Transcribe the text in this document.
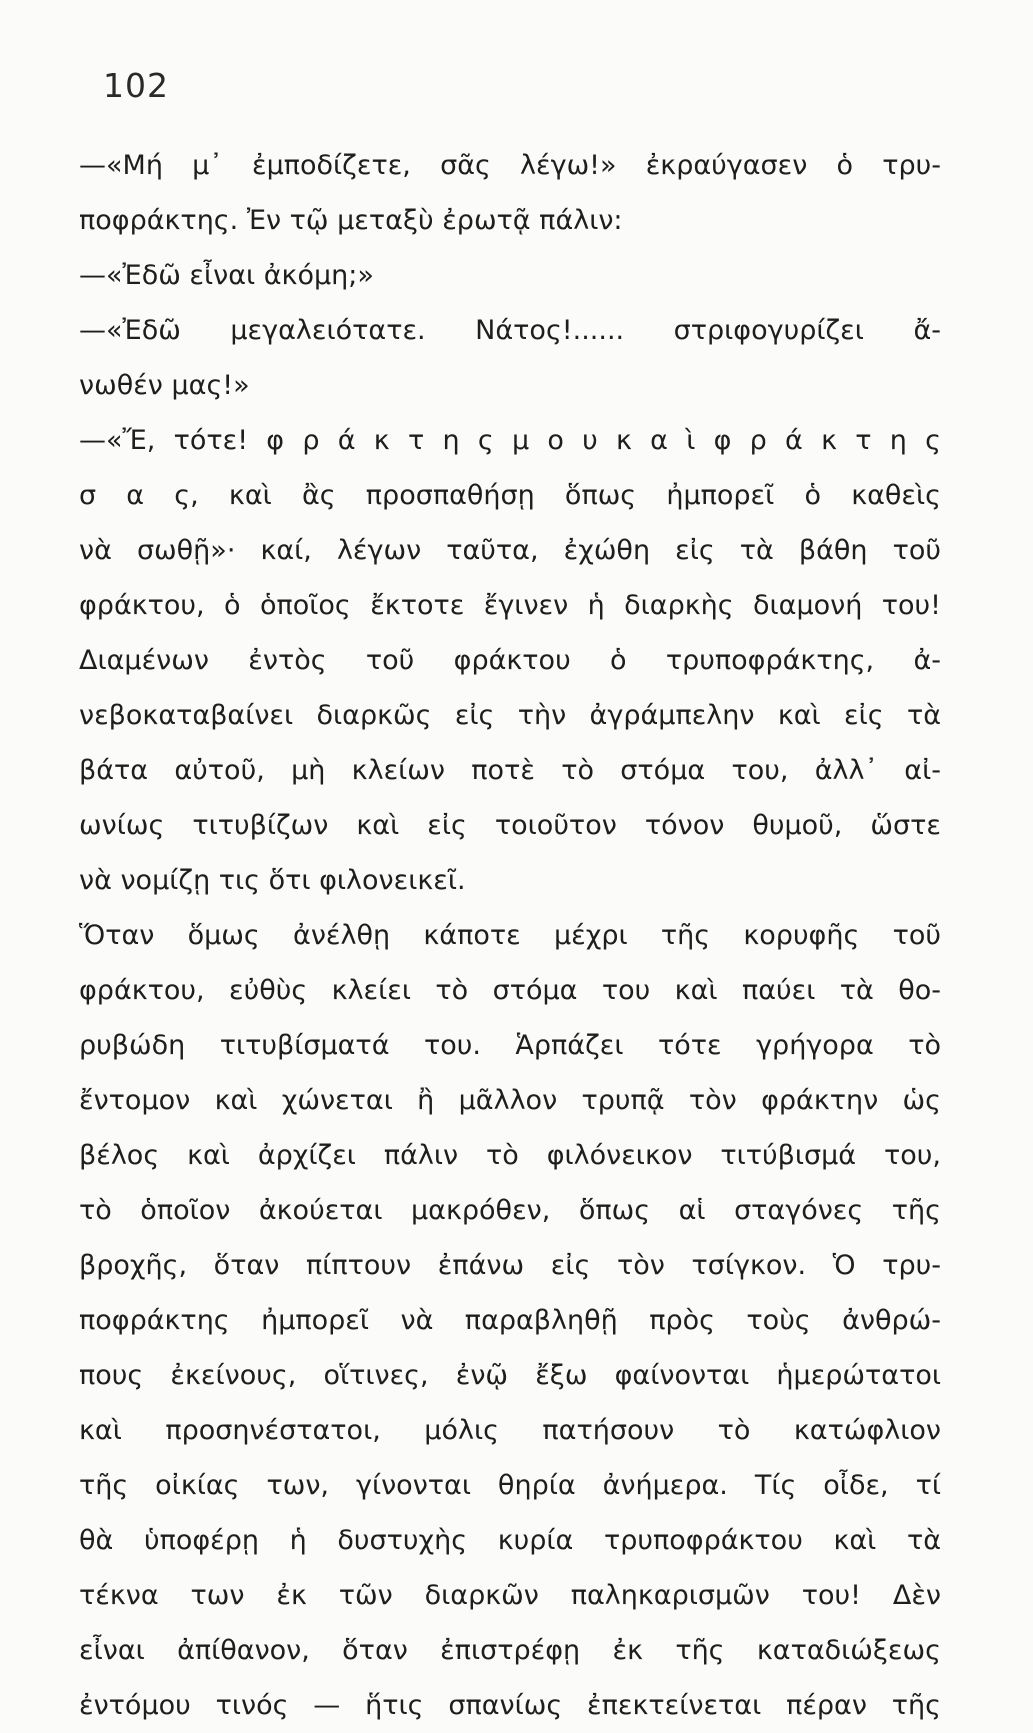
102
—«Μή μ᾿ ἐμποδίζετε, σᾶς λέγω!» ἐκραύγασεν ὁ τρυ-
ποφράκτης. Ἐν τῷ μεταξὺ ἐρωτᾷ πάλιν:
—«Ἐδῶ εἶναι ἀκόμη;»
—«Ἐδῶ μεγαλειότατε. Νάτος!...... στριφογυρίζει ἄ-
νωθέν μας!»
—«Ἔ, τότε! φ ρ ά κ τ η ς μ ο υ κ α ὶ φ ρ ά κ τ η ς
σ α ς, καὶ ἂς προσπαθήσῃ ὅπως ἠμπορεῖ ὁ καθεὶς
νὰ σωθῇ»· καί, λέγων ταῦτα, ἐχώθη εἰς τὰ βάθη τοῦ
φράκτου, ὁ ὁποῖος ἔκτοτε ἔγινεν ἡ διαρκὴς διαμονή του!
Διαμένων ἐντὸς τοῦ φράκτου ὁ τρυποφράκτης, ἀ-
νεβοκαταβαίνει διαρκῶς εἰς τὴν ἀγράμπελην καὶ εἰς τὰ
βάτα αὐτοῦ, μὴ κλείων ποτὲ τὸ στόμα του, ἀλλ᾿ αἰ-
ωνίως τιτυβίζων καὶ εἰς τοιοῦτον τόνον θυμοῦ, ὥστε
νὰ νομίζῃ τις ὅτι φιλονεικεῖ.
Ὅταν ὅμως ἀνέλθῃ κάποτε μέχρι τῆς κορυφῆς τοῦ
φράκτου, εὐθὺς κλείει τὸ στόμα του καὶ παύει τὰ θο-
ρυβώδη τιτυβίσματά του. Ἁρπάζει τότε γρήγορα τὸ
ἔντομον καὶ χώνεται ἢ μᾶλλον τρυπᾷ τὸν φράκτην ὡς
βέλος καὶ ἀρχίζει πάλιν τὸ φιλόνεικον τιτύβισμά του,
τὸ ὁποῖον ἀκούεται μακρόθεν, ὅπως αἱ σταγόνες τῆς
βροχῆς, ὅταν πίπτουν ἐπάνω εἰς τὸν τσίγκον. Ὁ τρυ-
ποφράκτης ἠμπορεῖ νὰ παραβληθῇ πρὸς τοὺς ἀνθρώ-
πους ἐκείνους, οἵτινες, ἐνῷ ἔξω φαίνονται ἡμερώτατοι
καὶ προσηνέστατοι, μόλις πατήσουν τὸ κατώφλιον
τῆς οἰκίας των, γίνονται θηρία ἀνήμερα. Τίς οἶδε, τί
θὰ ὑποφέρῃ ἡ δυστυχὴς κυρία τρυποφράκτου καὶ τὰ
τέκνα των ἐκ τῶν διαρκῶν παληκαρισμῶν του! Δὲν
εἶναι ἀπίθανον, ὅταν ἐπιστρέφῃ ἐκ τῆς καταδιώξεως
ἐντόμου τινός — ἥτις σπανίως ἐπεκτείνεται πέραν τῆς
